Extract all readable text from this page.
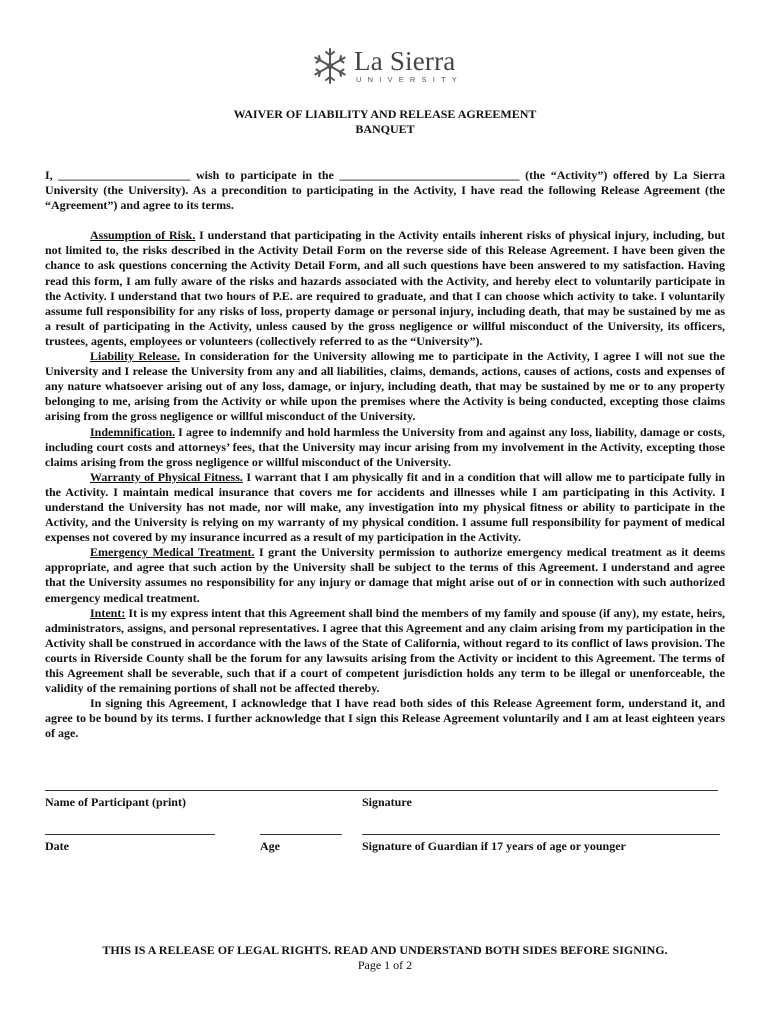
La Sierra
UNIVERSITY
WAIVER OF LIABILITY AND RELEASE AGREEMENT
BANQUET

I, ______________________ wish to participate in the ______________________________ (the “Activity”) offered by La Sierra University (the University). As a precondition to participating in the Activity, I have read the following Release Agreement (the “Agreement”) and agree to its terms.

Assumption of Risk. I understand that participating in the Activity entails inherent risks of physical injury, including, but not limited to, the risks described in the Activity Detail Form on the reverse side of this Release Agreement. I have been given the chance to ask questions concerning the Activity Detail Form, and all such questions have been answered to my satisfaction. Having read this form, I am fully aware of the risks and hazards associated with the Activity, and hereby elect to voluntarily participate in the Activity. I understand that two hours of P.E. are required to graduate, and that I can choose which activity to take. I voluntarily assume full responsibility for any risks of loss, property damage or personal injury, including death, that may be sustained by me as a result of participating in the Activity, unless caused by the gross negligence or willful misconduct of the University, its officers, trustees, agents, employees or volunteers (collectively referred to as the “University”).

Liability Release. In consideration for the University allowing me to participate in the Activity, I agree I will not sue the University and I release the University from any and all liabilities, claims, demands, actions, causes of actions, costs and expenses of any nature whatsoever arising out of any loss, damage, or injury, including death, that may be sustained by me or to any property belonging to me, arising from the Activity or while upon the premises where the Activity is being conducted, excepting those claims arising from the gross negligence or willful misconduct of the University.

Indemnification. I agree to indemnify and hold harmless the University from and against any loss, liability, damage or costs, including court costs and attorneys’ fees, that the University may incur arising from my involvement in the Activity, excepting those claims arising from the gross negligence or willful misconduct of the University.

Warranty of Physical Fitness. I warrant that I am physically fit and in a condition that will allow me to participate fully in the Activity. I maintain medical insurance that covers me for accidents and illnesses while I am participating in this Activity. I understand the University has not made, nor will make, any investigation into my physical fitness or ability to participate in the Activity, and the University is relying on my warranty of my physical condition. I assume full responsibility for payment of medical expenses not covered by my insurance incurred as a result of my participation in the Activity.

Emergency Medical Treatment. I grant the University permission to authorize emergency medical treatment as it deems appropriate, and agree that such action by the University shall be subject to the terms of this Agreement. I understand and agree that the University assumes no responsibility for any injury or damage that might arise out of or in connection with such authorized emergency medical treatment.

Intent: It is my express intent that this Agreement shall bind the members of my family and spouse (if any), my estate, heirs, administrators, assigns, and personal representatives. I agree that this Agreement and any claim arising from my participation in the Activity shall be construed in accordance with the laws of the State of California, without regard to its conflict of laws provision. The courts in Riverside County shall be the forum for any lawsuits arising from the Activity or incident to this Agreement. The terms of this Agreement shall be severable, such that if a court of competent jurisdiction holds any term to be illegal or unenforceable, the validity of the remaining portions of shall not be affected thereby.

In signing this Agreement, I acknowledge that I have read both sides of this Release Agreement form, understand it, and agree to be bound by its terms. I further acknowledge that I sign this Release Agreement voluntarily and I am at least eighteen years of age.

Name of Participant (print)	Signature
Date	Age	Signature of Guardian if 17 years of age or younger
THIS IS A RELEASE OF LEGAL RIGHTS. READ AND UNDERSTAND BOTH SIDES BEFORE SIGNING.
Page 1 of 2
